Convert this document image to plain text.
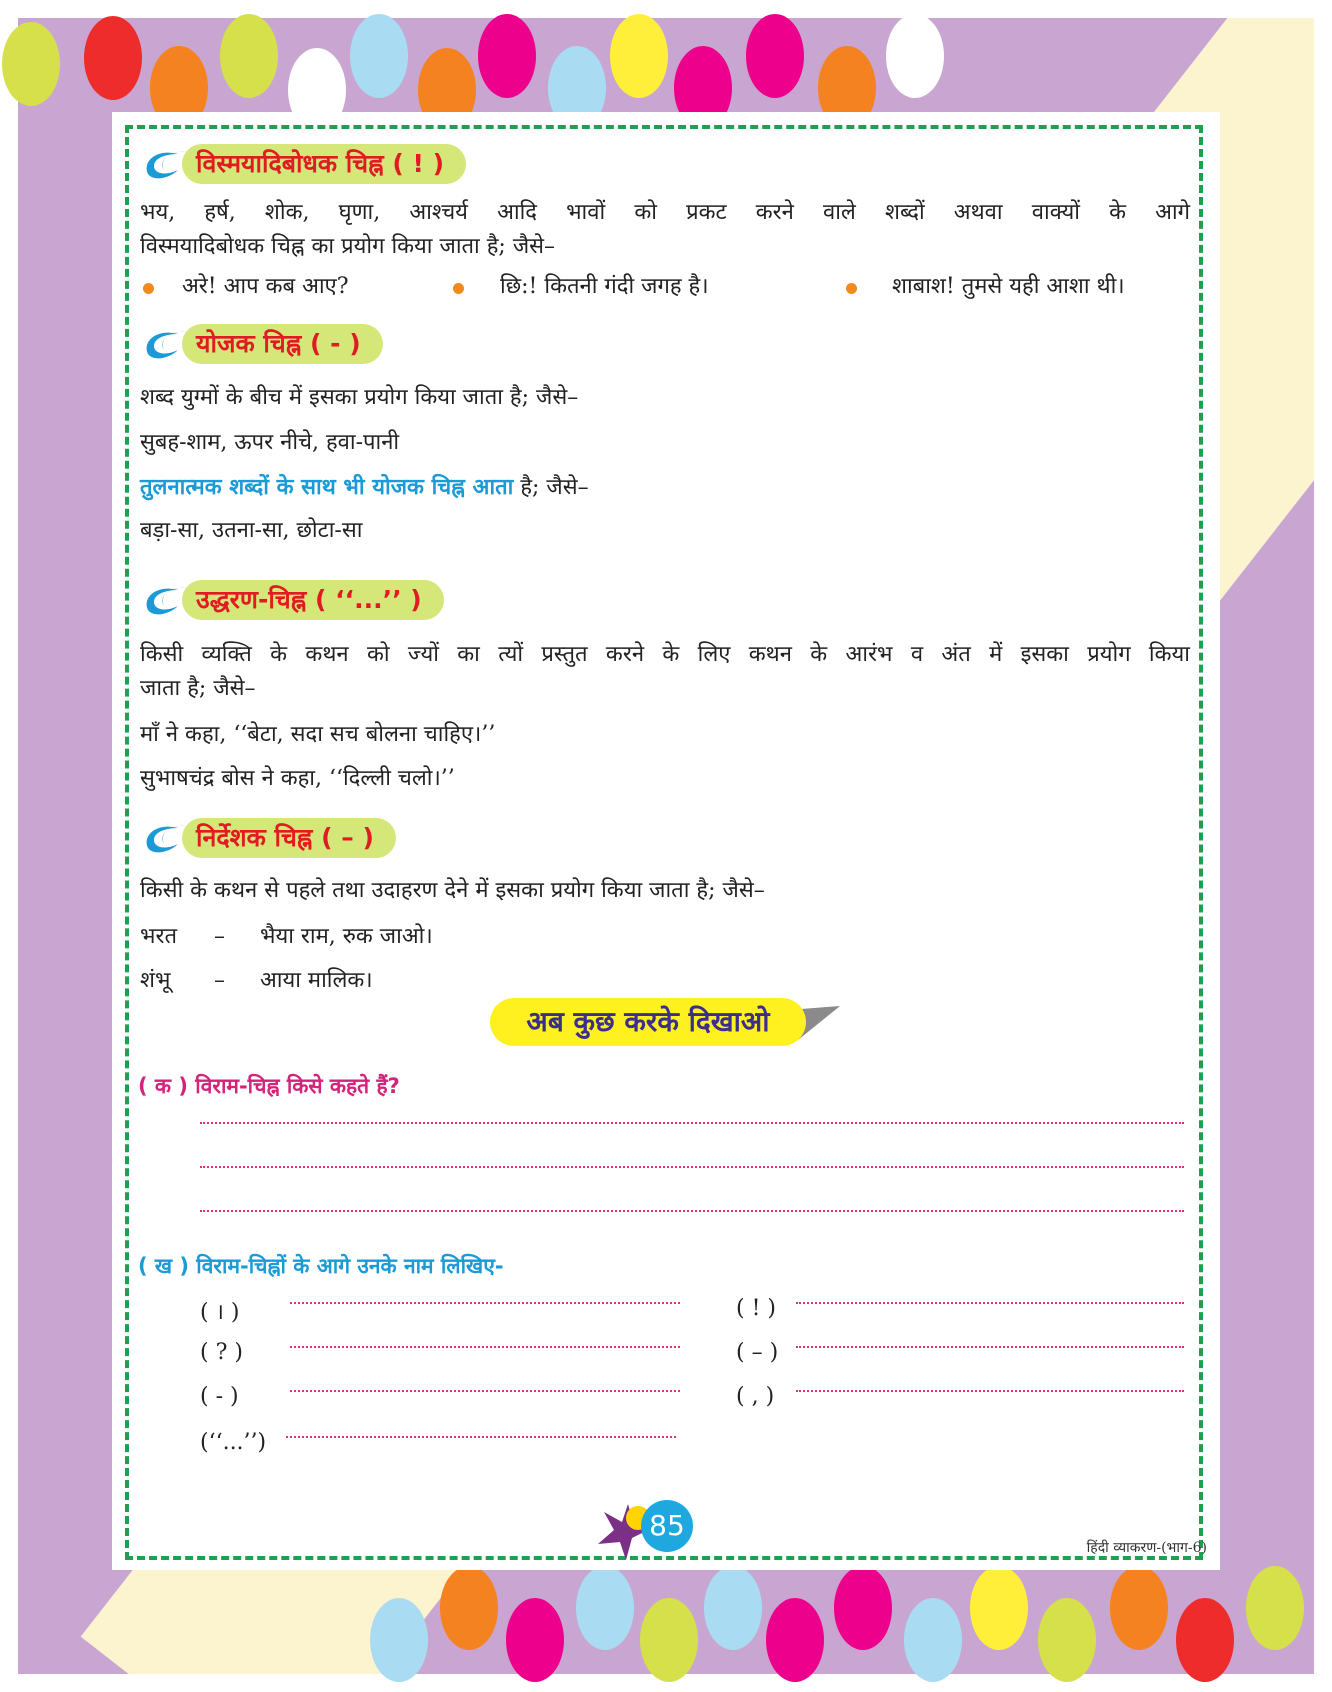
विस्मयादिबोधक चिह्न ( ! )
भय, हर्ष, शोक, घृणा, आश्चर्य आदि भावों को प्रकट करने वाले शब्दों अथवा वाक्यों के आगे
विस्मयादिबोधक चिह्न का प्रयोग किया जाता है; जैसे–
अरे! आप कब आए?	छि:! कितनी गंदी जगह है।	शाबाश! तुमसे यही आशा थी।
योजक चिह्न ( - )
शब्द युग्मों के बीच में इसका प्रयोग किया जाता है; जैसे–
सुबह-शाम, ऊपर नीचे, हवा-पानी
तुलनात्मक शब्दों के साथ भी योजक चिह्न आता है; जैसे–
बड़ा-सा, उतना-सा, छोटा-सा
उद्धरण-चिह्न ( ‘‘...’’ )
किसी व्यक्ति के कथन को ज्यों का त्यों प्रस्तुत करने के लिए कथन के आरंभ व अंत में इसका प्रयोग किया
जाता है; जैसे–
माँ ने कहा, ‘‘बेटा, सदा सच बोलना चाहिए।’’
सुभाषचंद्र बोस ने कहा, ‘‘दिल्ली चलो।’’
निर्देशक चिह्न ( – )
किसी के कथन से पहले तथा उदाहरण देने में इसका प्रयोग किया जाता है; जैसे–
भरत – भैया राम, रुक जाओ।
शंभू – आया मालिक।
अब कुछ करके दिखाओ
( क ) विराम-चिह्न किसे कहते हैं?
( ख ) विराम-चिह्नों के आगे उनके नाम लिखिए-
( । )	( ! )
( ? )	( – )
( - )	( , )
(‘‘...’’)
85
हिंदी व्याकरण-(भाग-6)
